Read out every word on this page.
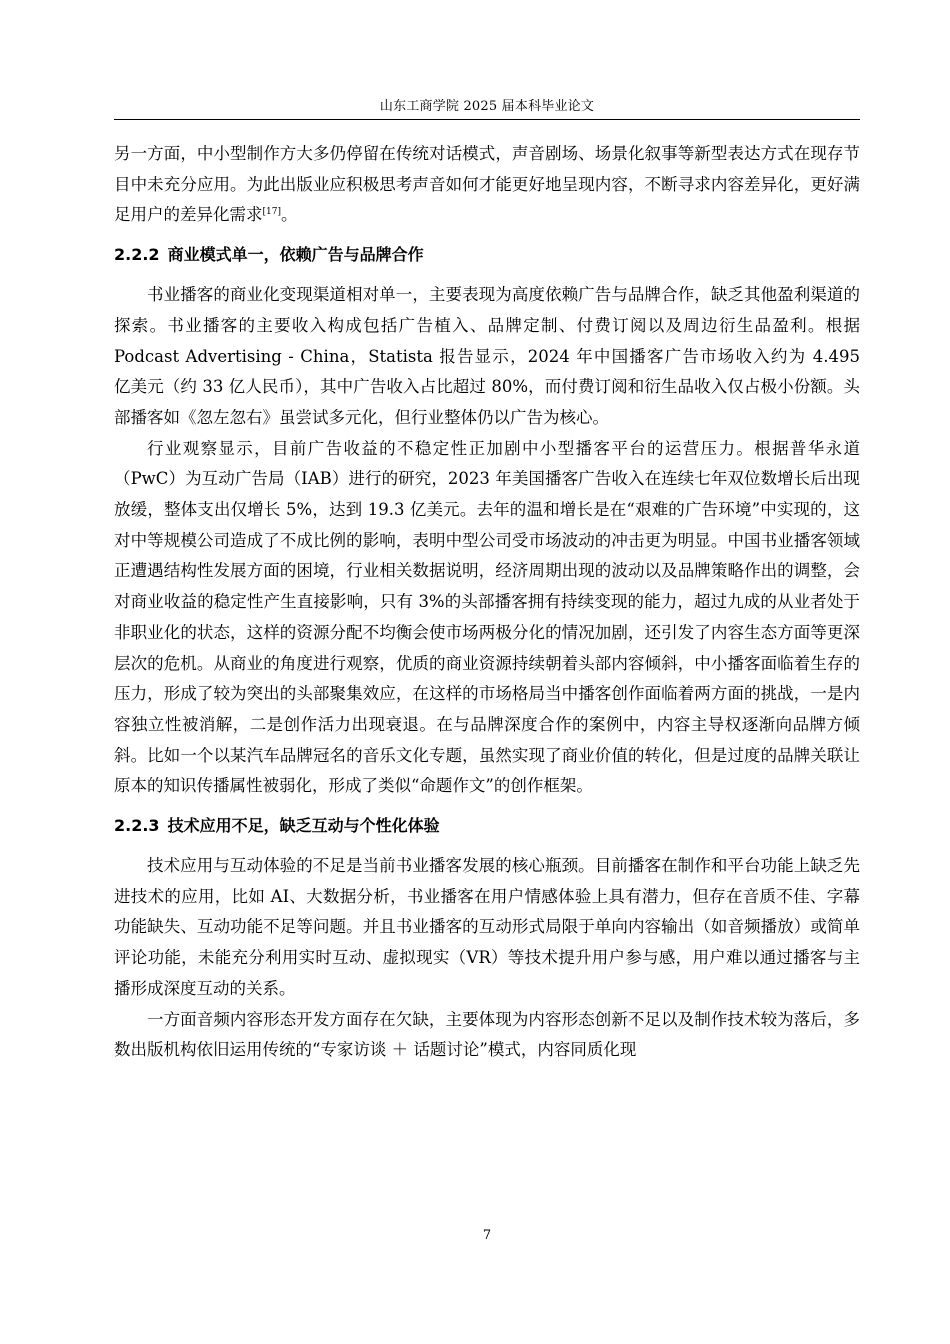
山东工商学院 2025 届本科毕业论文

另一方面，中小型制作方大多仍停留在传统对话模式，声音剧场、场景化叙事等新型表达方式在现存节目中未充分应用。为此出版业应积极思考声音如何才能更好地呈现内容，不断寻求内容差异化，更好满足用户的差异化需求[17]。

2.2.2 商业模式单一，依赖广告与品牌合作

书业播客的商业化变现渠道相对单一，主要表现为高度依赖广告与品牌合作，缺乏其他盈利渠道的探索。书业播客的主要收入构成包括广告植入、品牌定制、付费订阅以及周边衍生品盈利。根据 Podcast Advertising - China，Statista 报告显示，2024 年中国播客广告市场收入约为 4.495　亿美元（约 33 亿人民币），其中广告收入占比超过 80%，而付费订阅和衍生品收入仅占极小份额。头部播客如《忽左忽右》虽尝试多元化，但行业整体仍以广告为核心。

行业观察显示，目前广告收益的不稳定性正加剧中小型播客平台的运营压力。根据普华永道（PwC）为互动广告局（IAB）进行的研究，2023 年美国播客广告收入在连续七年双位数增长后出现放缓，整体支出仅增长 5%，达到 19.3 亿美元。去年的温和增长是在“艰难的广告环境”中实现的，这对中等规模公司造成了不成比例的影响，表明中型公司受市场波动的冲击更为明显。中国书业播客领域正遭遇结构性发展方面的困境，行业相关数据说明，经济周期出现的波动以及品牌策略作出的调整，会对商业收益的稳定性产生直接影响，只有 3%的头部播客拥有持续变现的能力，超过九成的从业者处于非职业化的状态，这样的资源分配不均衡会使市场两极分化的情况加剧，还引发了内容生态方面等更深层次的危机。从商业的角度进行观察，优质的商业资源持续朝着头部内容倾斜，中小播客面临着生存的压力，形成了较为突出的头部聚集效应，在这样的市场格局当中播客创作面临着两方面的挑战，一是内容独立性被消解，二是创作活力出现衰退。在与品牌深度合作的案例中，内容主导权逐渐向品牌方倾斜。比如一个以某汽车品牌冠名的音乐文化专题，虽然实现了商业价值的转化，但是过度的品牌关联让原本的知识传播属性被弱化，形成了类似“命题作文”的创作框架。

2.2.3 技术应用不足，缺乏互动与个性化体验

技术应用与互动体验的不足是当前书业播客发展的核心瓶颈。目前播客在制作和平台功能上缺乏先进技术的应用，比如 AI、大数据分析，书业播客在用户情感体验上具有潜力，但存在音质不佳、字幕功能缺失、互动功能不足等问题。并且书业播客的互动形式局限于单向内容输出（如音频播放）或简单评论功能，未能充分利用实时互动、虚拟现实（VR）等技术提升用户参与感，用户难以通过播客与主播形成深度互动的关系。

一方面音频内容形态开发方面存在欠缺，主要体现为内容形态创新不足以及制作技术较为落后，多数出版机构依旧运用传统的“专家访谈 ＋ 话题讨论”模式，内容同质化现

7
